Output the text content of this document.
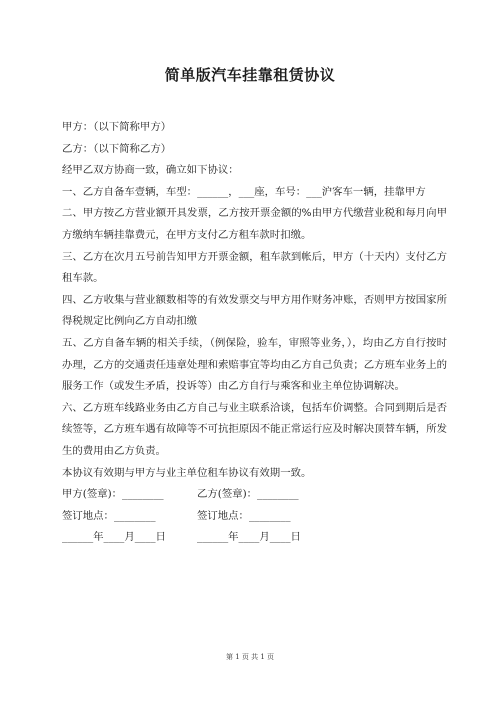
简单版汽车挂靠租赁协议

甲方：（以下简称甲方）

乙方：（以下简称乙方）

经甲乙双方协商一致，确立如下协议：

一、乙方自备车壹辆，车型：______，___座，车号：___沪客车一辆，挂靠甲方

二、甲方按乙方营业额开具发票，乙方按开票金额的%由甲方代缴营业税和每月向甲方缴纳车辆挂靠费元，在甲方支付乙方租车款时扣缴。

三、乙方在次月五号前告知甲方开票金额，租车款到帐后，甲方（十天内）支付乙方租车款。

四、乙方收集与营业额数相等的有效发票交与甲方用作财务冲账，否则甲方按国家所得税规定比例向乙方自动扣缴

五、乙方自备车辆的相关手续，（例保险，验车，审照等业务，），均由乙方自行按时办理，乙方的交通责任违章处理和索赔事宜等均由乙方自己负责；乙方班车业务上的服务工作（或发生矛盾，投诉等）由乙方自行与乘客和业主单位协调解决。

六、乙方班车线路业务由乙方自己与业主联系洽谈，包括车价调整。合同到期后是否续签等，乙方班车遇有故障等不可抗拒原因不能正常运行应及时解决顶替车辆，所发生的费用由乙方负责。

本协议有效期与甲方与业主单位租车协议有效期一致。

甲方(签章)：________	乙方(签章)：________
签订地点：________	签订地点：________
______年____月____日	______年____月____日
第 1 页 共 1 页
